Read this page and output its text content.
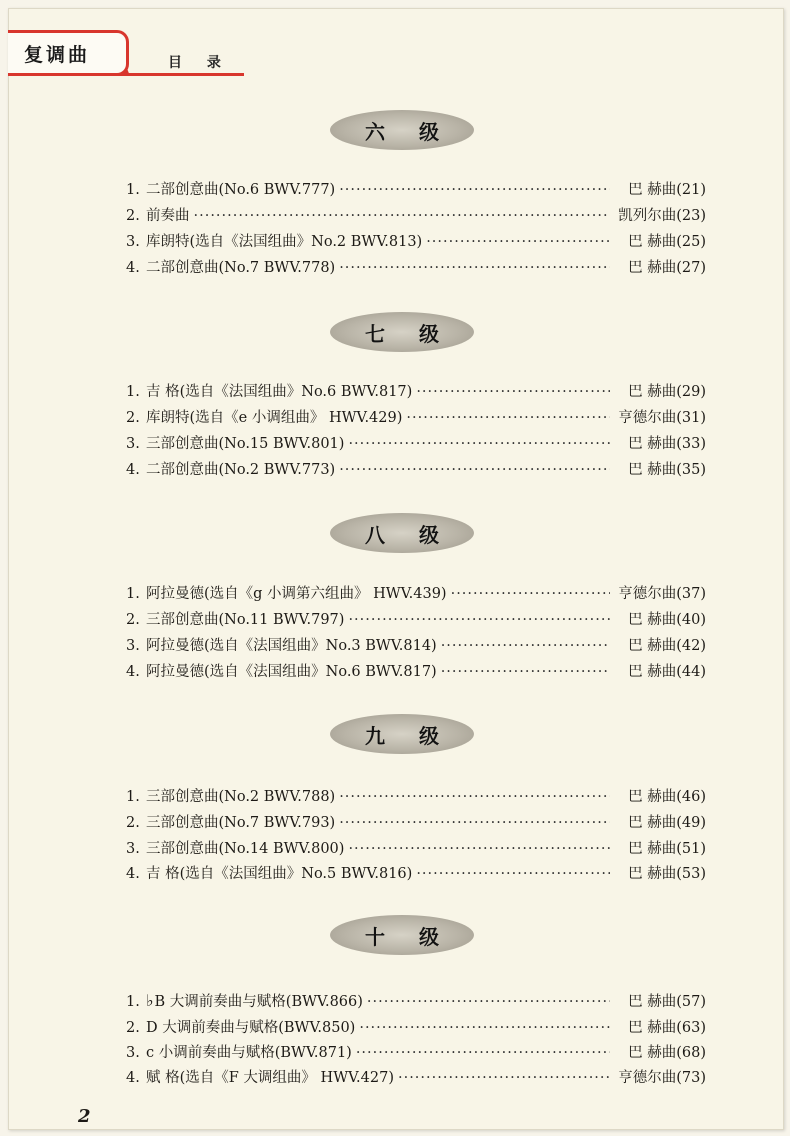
复调曲	目 录
六 级
1. 二部创意曲(No.6 BWV.777) ·····	巴 赫曲(21)
2. 前奏曲 ·····	凯列尔曲(23)
3. 库朗特(选自《法国组曲》No.2 BWV.813) ·····	巴 赫曲(25)
4. 二部创意曲(No.7 BWV.778) ·····	巴 赫曲(27)
七 级
1. 吉 格(选自《法国组曲》No.6 BWV.817) ·····	巴 赫曲(29)
2. 库朗特(选自《e 小调组曲》 HWV.429) ·····	亨德尔曲(31)
3. 三部创意曲(No.15 BWV.801) ·····	巴 赫曲(33)
4. 二部创意曲(No.2 BWV.773) ·····	巴 赫曲(35)
八 级
1. 阿拉曼德(选自《g 小调第六组曲》 HWV.439) ·····	亨德尔曲(37)
2. 三部创意曲(No.11 BWV.797) ·····	巴 赫曲(40)
3. 阿拉曼德(选自《法国组曲》No.3 BWV.814) ·····	巴 赫曲(42)
4. 阿拉曼德(选自《法国组曲》No.6 BWV.817) ·····	巴 赫曲(44)
九 级
1. 三部创意曲(No.2 BWV.788) ·····	巴 赫曲(46)
2. 三部创意曲(No.7 BWV.793) ·····	巴 赫曲(49)
3. 三部创意曲(No.14 BWV.800) ·····	巴 赫曲(51)
4. 吉 格(选自《法国组曲》No.5 BWV.816) ·····	巴 赫曲(53)
十 级
1. ♭B 大调前奏曲与赋格(BWV.866) ·····	巴 赫曲(57)
2. D 大调前奏曲与赋格(BWV.850) ·····	巴 赫曲(63)
3. c 小调前奏曲与赋格(BWV.871) ·····	巴 赫曲(68)
4. 赋 格(选自《F 大调组曲》 HWV.427) ·····	亨德尔曲(73)
2
